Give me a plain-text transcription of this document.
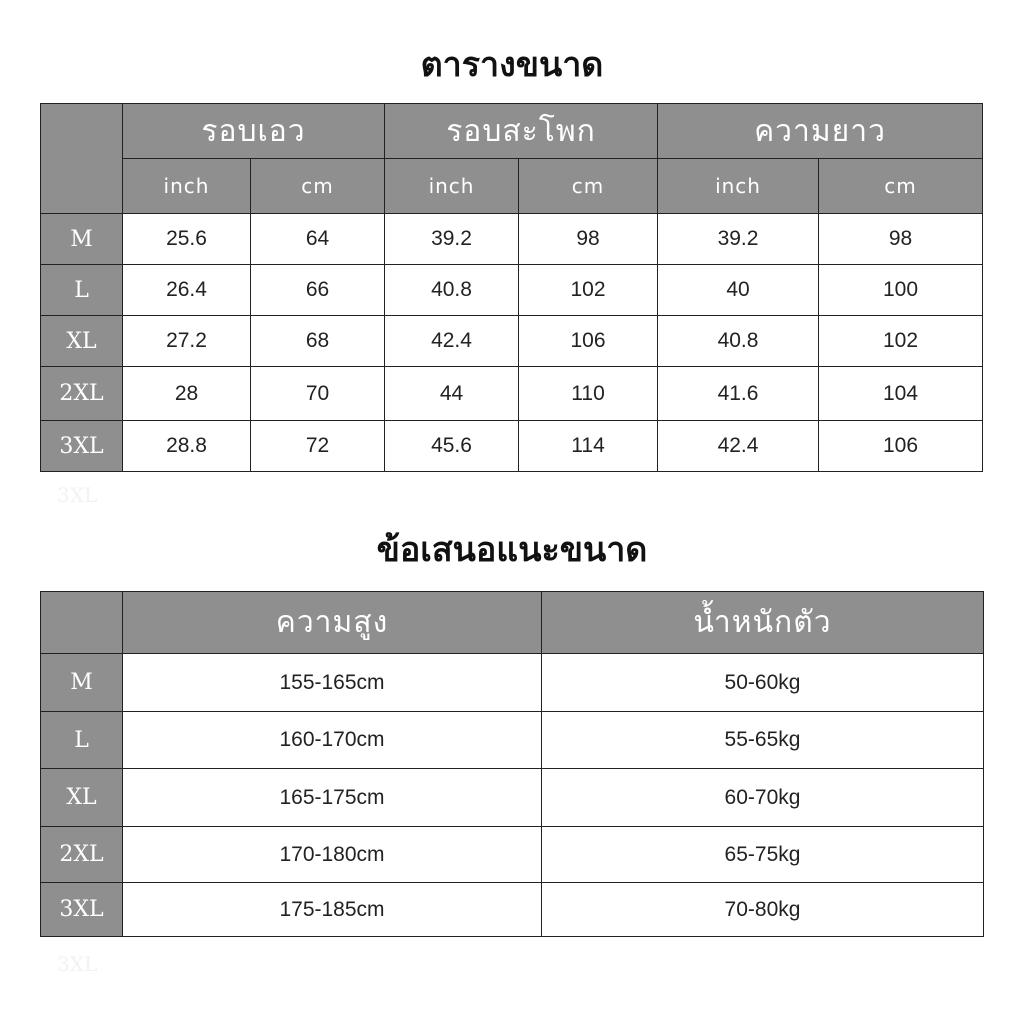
ตารางขนาด
	รอบเอว		รอบสะโพก		ความยาว	
	inch	cm	inch	cm	inch	cm
M	25.6	64	39.2	98	39.2	98
L	26.4	66	40.8	102	40	100
XL	27.2	68	42.4	106	40.8	102
2XL	28	70	44	110	41.6	104
3XL	28.8	72	45.6	114	42.4	106
3XL
ข้อเสนอแนะขนาด
	ความสูง	น้ำหนักตัว
M	155-165cm	50-60kg
L	160-170cm	55-65kg
XL	165-175cm	60-70kg
2XL	170-180cm	65-75kg
3XL	175-185cm	70-80kg
3XL
